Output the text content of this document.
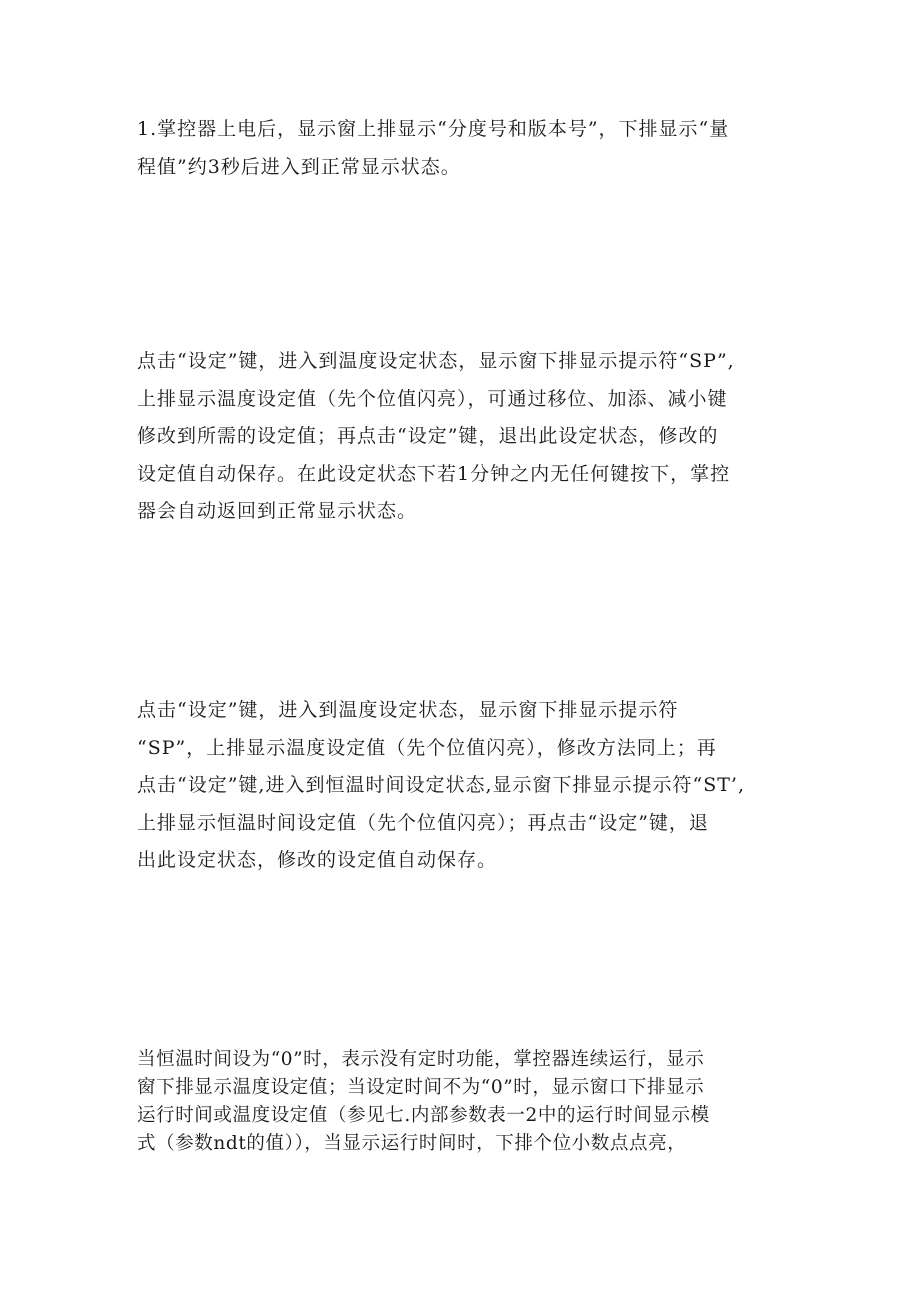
1.掌控器上电后，显示窗上排显示“分度号和版本号”，下排显示“量
程值”约3秒后进入到正常显示状态。

点击“设定”键，进入到温度设定状态，显示窗下排显示提示符“SP”,
上排显示温度设定值（先个位值闪亮），可通过移位、加添、减小键
修改到所需的设定值；再点击“设定”键，退出此设定状态，修改的
设定值自动保存。在此设定状态下若1分钟之内无任何键按下，掌控
器会自动返回到正常显示状态。

点击“设定”键，进入到温度设定状态，显示窗下排显示提示符
“SP”，上排显示温度设定值（先个位值闪亮），修改方法同上；再
点击“设定”键,进入到恒温时间设定状态,显示窗下排显示提示符“ST’,
上排显示恒温时间设定值（先个位值闪亮）；再点击“设定”键，退
出此设定状态，修改的设定值自动保存。

当恒温时间设为“0”时，表示没有定时功能，掌控器连续运行，显示
窗下排显示温度设定值；当设定时间不为“0”时，显示窗口下排显示
运行时间或温度设定值（参见七.内部参数表一2中的运行时间显示模
式（参数ndt的值）），当显示运行时间时，下排个位小数点点亮，
